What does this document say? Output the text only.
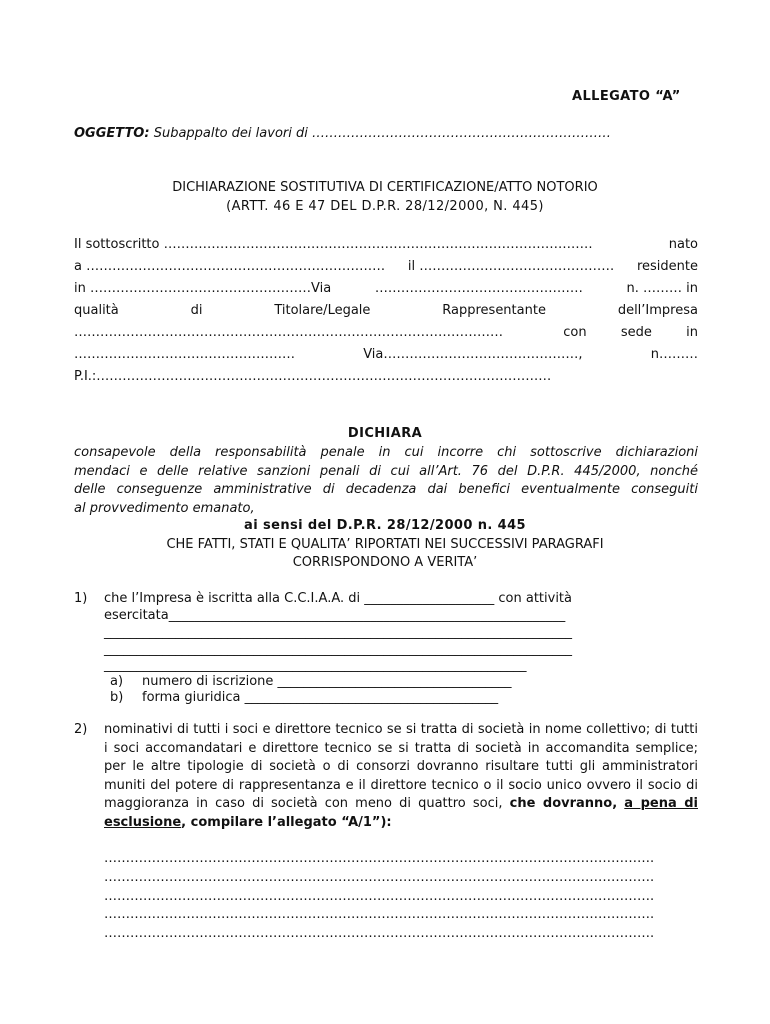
ALLEGATO “A”
OGGETTO: Subappalto dei lavori di ……………………………………………………………
DICHIARAZIONE SOSTITUTIVA DI CERTIFICAZIONE/ATTO NOTORIO
(ARTT. 46 E 47 DEL D.P.R. 28/12/2000, N. 445)
Il sottoscritto ………………………………………………………………………………………	nato
a …………………………………………………………… il ……………………………………… residente
in ……………………………………………Via	…………………………………………	n. ……… in
qualità	di	Titolare/Legale	Rappresentante	dell’Impresa
………………………………………………………………………………………	con	sede	in
……………………………………………	Via………………………………………,	n………
P.I.:……………………………………………………………………………………………
DICHIARA
consapevole della responsabilità penale in cui incorre chi sottoscrive dichiarazioni
mendaci e delle relative sanzioni penali di cui all’Art. 76 del D.P.R. 445/2000, nonché
delle conseguenze amministrative di decadenza dai benefici eventualmente conseguiti
al provvedimento emanato,
ai sensi del D.P.R. 28/12/2000 n. 445
CHE FATTI, STATI E QUALITA’ RIPORTATI NEI SUCCESSIVI PARAGRAFI
CORRISPONDONO A VERITA’
1) che l’Impresa è iscritta alla C.C.I.A.A. di ____________________ con attività
esercitata_____________________________________________________________
________________________________________________________________________
________________________________________________________________________
_________________________________________________________________
a) numero di iscrizione ____________________________________
b) forma giuridica _______________________________________
2) nominativi di tutti i soci e direttore tecnico se si tratta di società in nome collettivo; di tutti i soci accomandatari e direttore tecnico se si tratta di società in accomandita semplice; per le altre tipologie di società o di consorzi dovranno risultare tutti gli amministratori muniti del potere di rappresentanza e il direttore tecnico o il socio unico ovvero il socio di maggioranza in caso di società con meno di quattro soci, che dovranno, a pena di esclusione, compilare l’allegato “A/1”):
……………………………………………………………………………………………………………….
……………………………………………………………………………………………………………….
……………………………………………………………………………………………………………….
……………………………………………………………………………………………………………….
……………………………………………………………………………………………………………….
